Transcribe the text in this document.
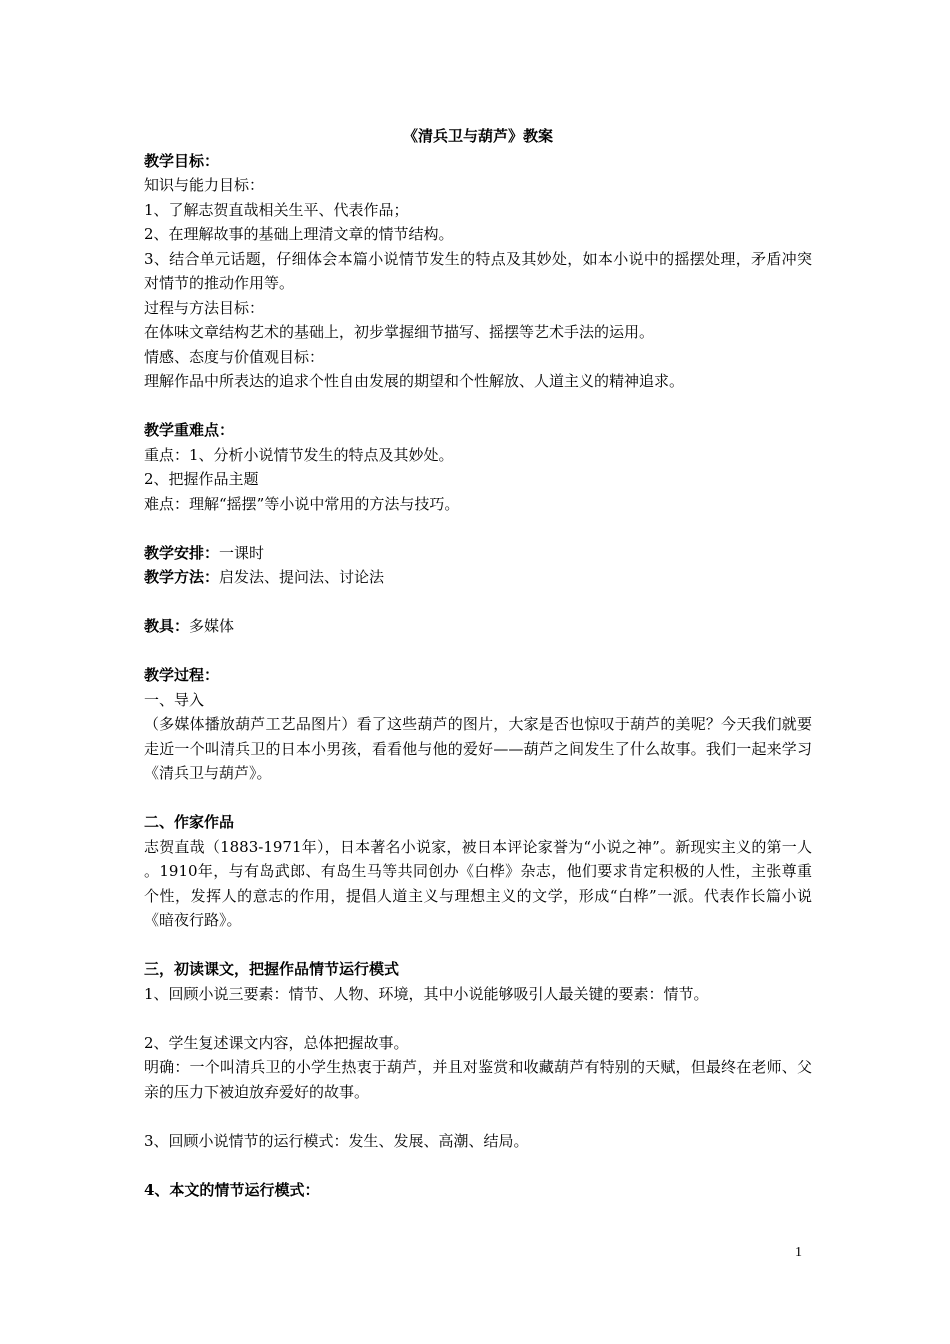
《清兵卫与葫芦》教案

教学目标：

知识与能力目标：

1、了解志贺直哉相关生平、代表作品；

2、在理解故事的基础上理清文章的情节结构。

3、结合单元话题，仔细体会本篇小说情节发生的特点及其妙处，如本小说中的摇摆处理，矛盾冲突对情节的推动作用等。

过程与方法目标：

在体味文章结构艺术的基础上，初步掌握细节描写、摇摆等艺术手法的运用。

情感、态度与价值观目标：

理解作品中所表达的追求个性自由发展的期望和个性解放、人道主义的精神追求。

教学重难点：

重点：1、分析小说情节发生的特点及其妙处。

2、把握作品主题

难点：理解“摇摆”等小说中常用的方法与技巧。

教学安排：一课时

教学方法：启发法、提问法、讨论法

教具：多媒体

教学过程：

一、导入

（多媒体播放葫芦工艺品图片）看了这些葫芦的图片，大家是否也惊叹于葫芦的美呢？今天我们就要走近一个叫清兵卫的日本小男孩，看看他与他的爱好——葫芦之间发生了什么故事。我们一起来学习《清兵卫与葫芦》。

二、作家作品

志贺直哉（1883-1971年），日本著名小说家，被日本评论家誉为“小说之神”。新现实主义的第一人 。1910年，与有岛武郎、有岛生马等共同创办《白桦》杂志，他们要求肯定积极的人性，主张尊重个性，发挥人的意志的作用，提倡人道主义与理想主义的文学，形成“白桦”一派。代表作长篇小说《暗夜行路》。

三，初读课文，把握作品情节运行模式

1、回顾小说三要素：情节、人物、环境，其中小说能够吸引人最关键的要素：情节。

2、学生复述课文内容，总体把握故事。

明确：一个叫清兵卫的小学生热衷于葫芦，并且对鉴赏和收藏葫芦有特别的天赋，但最终在老师、父亲的压力下被迫放弃爱好的故事。

3、回顾小说情节的运行模式：发生、发展、高潮、结局。

4、本文的情节运行模式：

1
